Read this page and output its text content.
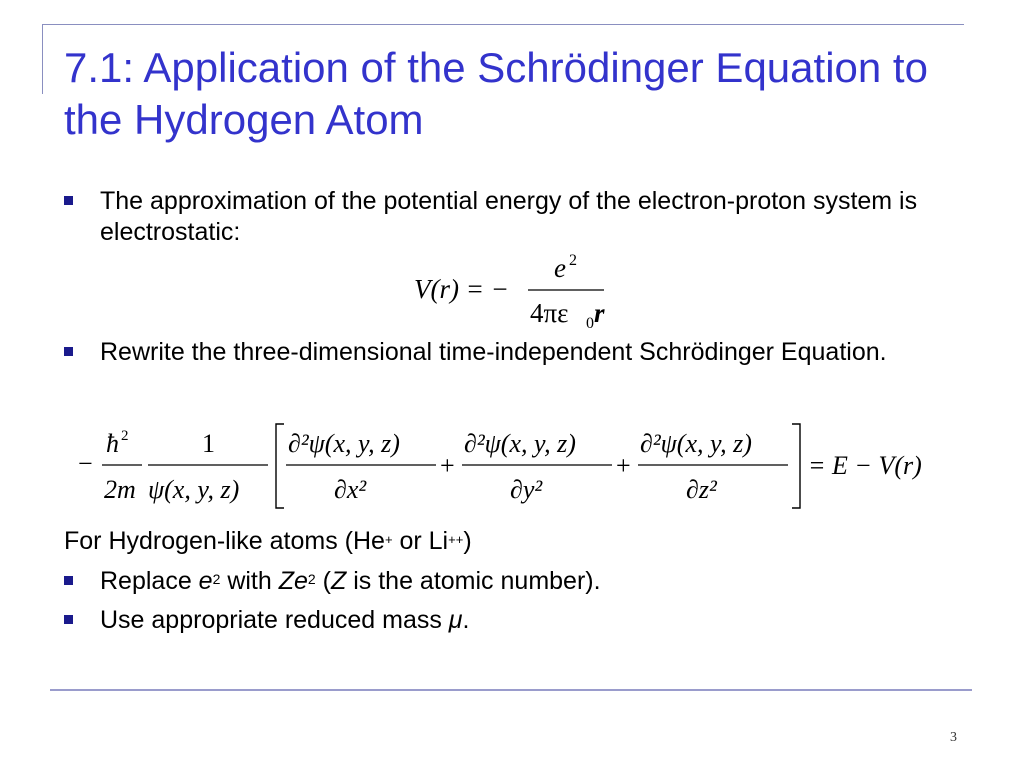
7.1: Application of the Schrödinger Equation to the Hydrogen Atom
The approximation of the potential energy of the electron-proton system is electrostatic:
V(r) = −
e 2
4πε 0 r
Rewrite the three-dimensional time-independent Schrödinger Equation.
−
ħ 2
2m
1
ψ(x, y, z)
∂²ψ(x, y, z)
∂x²
+
∂²ψ(x, y, z)
∂y²
+
∂²ψ(x, y, z)
∂z²
= E − V(r)
For Hydrogen-like atoms (He+ or Li++)
Replace $e^2$ with Ze$^2$ (Z is the atomic number).
Use appropriate reduced mass μ.
3
